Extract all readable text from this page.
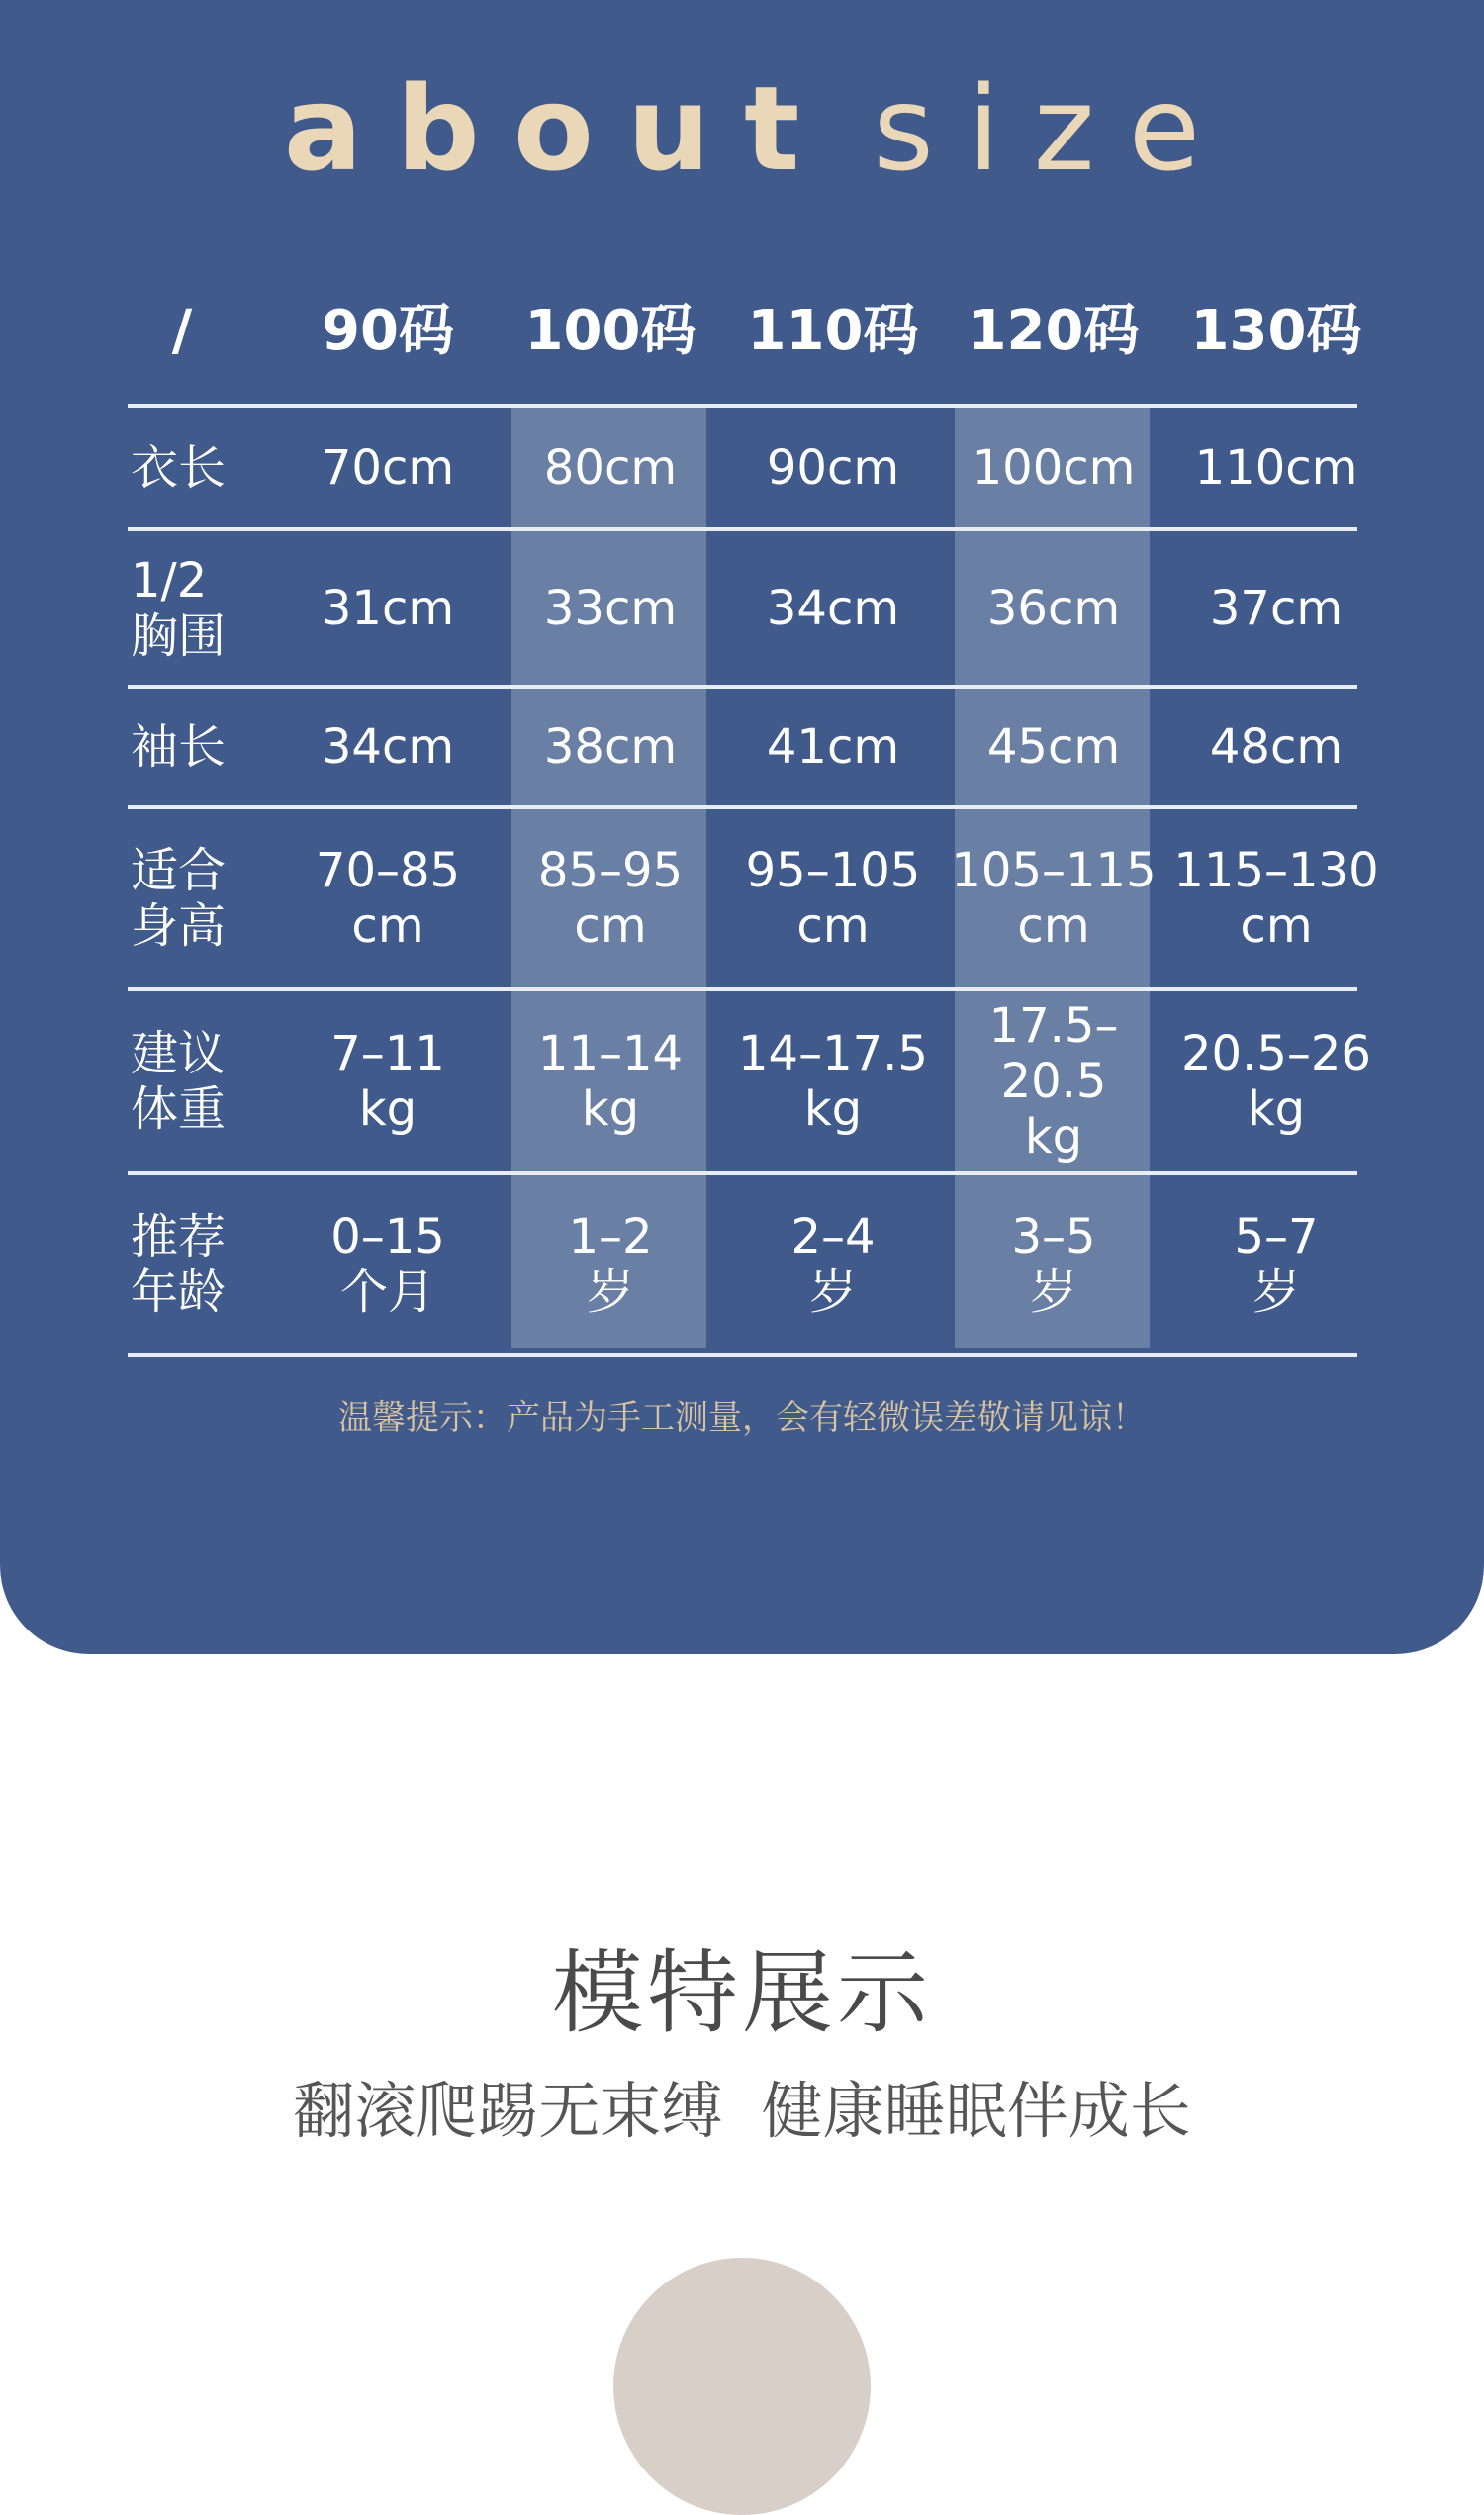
about size
/	90码	100码 110码 120码 130码
衣长 70cm 80cm 90cm 100cm 110cm
1/2
胸围 31cm 33cm 34cm 36cm 37cm
袖长 34cm 38cm 41cm 45cm 48cm
适合
身高
70–85
cm
85–95
cm
95–105
cm
105–115
cm
115–130
cm
建议
体重
7–11
kg
11–14
kg
14–17.5
kg
17.5–20.5
kg
20.5–26
kg
推荐
年龄
0–15
个月
1–2
岁
2–4
岁
3–5
岁
5–7
岁
温馨提示：产品为手工测量，会有轻微误差敬请见谅！
模特展示
翻滚爬踢无束缚  健康睡眠伴成长
